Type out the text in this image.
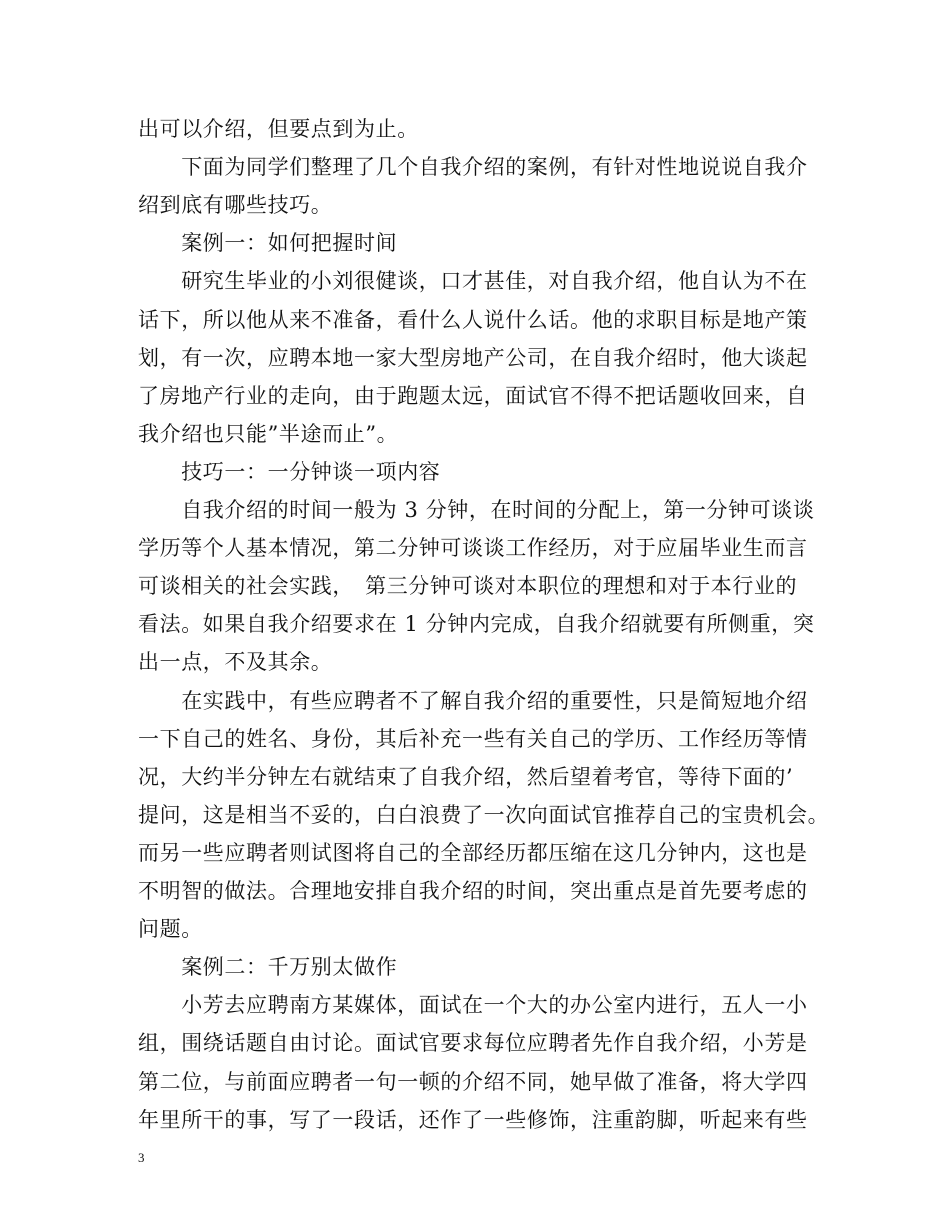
出可以介绍，但要点到为止。
　　下面为同学们整理了几个自我介绍的案例，有针对性地说说自我介
绍到底有哪些技巧。
　　案例一：如何把握时间
　　研究生毕业的小刘很健谈，口才甚佳，对自我介绍，他自认为不在
话下，所以他从来不准备，看什么人说什么话。他的求职目标是地产策
划，有一次，应聘本地一家大型房地产公司，在自我介绍时，他大谈起
了房地产行业的走向，由于跑题太远，面试官不得不把话题收回来，自
我介绍也只能”半途而止”。
　　技巧一：一分钟谈一项内容
　　自我介绍的时间一般为 3 分钟，在时间的分配上，第一分钟可谈谈
学历等个人基本情况，第二分钟可谈谈工作经历，对于应届毕业生而言
可谈相关的社会实践，　第三分钟可谈对本职位的理想和对于本行业的
看法。如果自我介绍要求在 1 分钟内完成，自我介绍就要有所侧重，突
出一点，不及其余。
　　在实践中，有些应聘者不了解自我介绍的重要性，只是简短地介绍
一下自己的姓名、身份，其后补充一些有关自己的学历、工作经历等情
况，大约半分钟左右就结束了自我介绍，然后望着考官，等待下面的’
提问，这是相当不妥的，白白浪费了一次向面试官推荐自己的宝贵机会。
而另一些应聘者则试图将自己的全部经历都压缩在这几分钟内，这也是
不明智的做法。合理地安排自我介绍的时间，突出重点是首先要考虑的
问题。
　　案例二：千万别太做作
　　小芳去应聘南方某媒体，面试在一个大的办公室内进行，五人一小
组，围绕话题自由讨论。面试官要求每位应聘者先作自我介绍，小芳是
第二位，与前面应聘者一句一顿的介绍不同，她早做了准备，将大学四
年里所干的事，写了一段话，还作了一些修饰，注重韵脚，听起来有些
3
